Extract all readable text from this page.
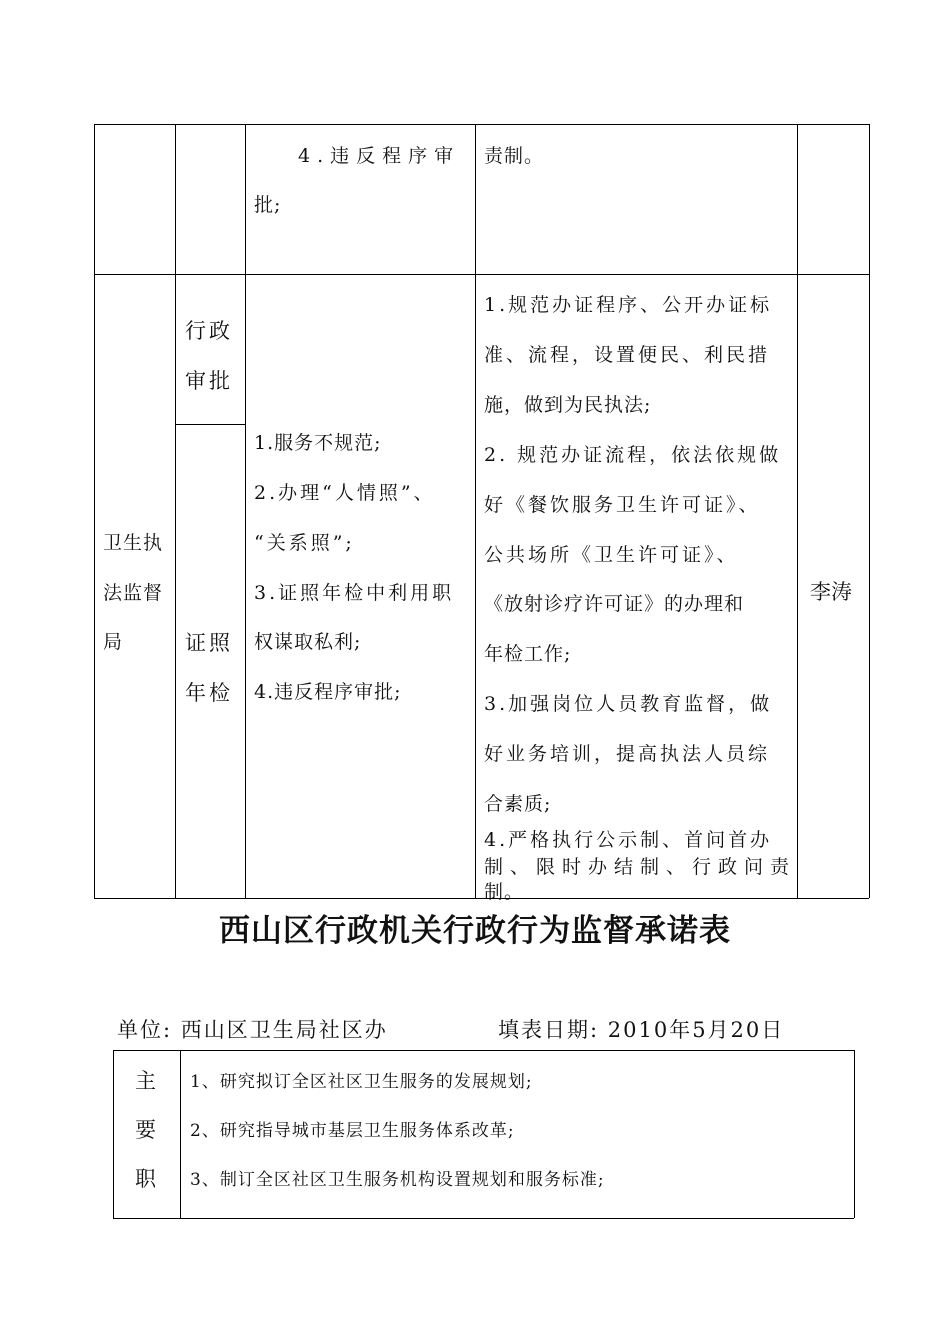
4.违反程序审
批;
责制。
卫生执
法监督
局
行政
审批
证照
年检
1.服务不规范;
2.办理“人情照”、
“关系照”;
3.证照年检中利用职
权谋取私利;
4.违反程序审批;
1.规范办证程序、公开办证标
准、流程，设置便民、利民措
施，做到为民执法;
2. 规范办证流程，依法依规做
好《餐饮服务卫生许可证》、
公共场所《卫生许可证》、
《放射诊疗许可证》的办理和
年检工作;
3.加强岗位人员教育监督，做
好业务培训，提高执法人员综
合素质;
4.严格执行公示制、首问首办
制、限时办结制、行政问责
制。
李涛
西山区行政机关行政行为监督承诺表
单位: 西山区卫生局社区办	填表日期: 2010年5月20日
主
要
职
1、研究拟订全区社区卫生服务的发展规划;
2、研究指导城市基层卫生服务体系改革;
3、制订全区社区卫生服务机构设置规划和服务标准;
